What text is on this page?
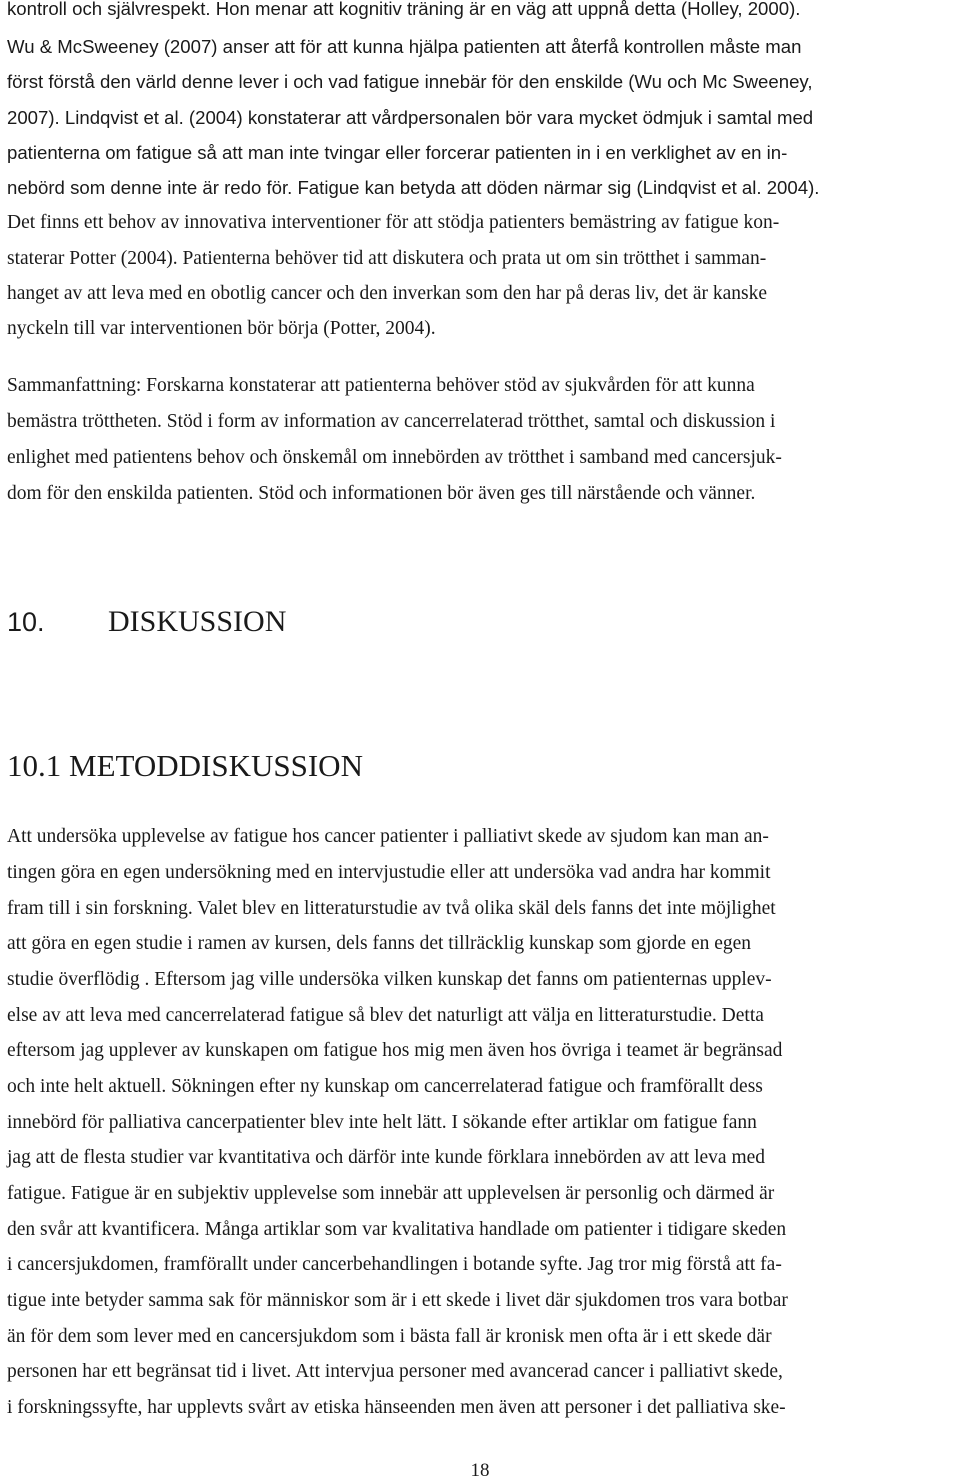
kontroll och självrespekt. Hon menar att kognitiv träning är en väg att uppnå detta (Holley, 2000).
Wu & McSweeney (2007) anser att för att kunna hjälpa patienten att återfå kontrollen måste man
först förstå den värld denne lever i och vad fatigue innebär för den enskilde (Wu och Mc Sweeney,
2007). Lindqvist et al. (2004) konstaterar att vårdpersonalen bör vara mycket ödmjuk i samtal med
patienterna om fatigue så att man inte tvingar eller forcerar patienten in i en verklighet av en in-
nebörd som denne inte är redo för. Fatigue kan betyda att döden närmar sig (Lindqvist et al. 2004).
Det finns ett behov av innovativa interventioner för att stödja patienters bemästring av fatigue kon-
staterar Potter (2004). Patienterna behöver tid att diskutera och prata ut om sin trötthet i samman-
hanget av att leva med en obotlig cancer och den inverkan som den har på deras liv, det är kanske
nyckeln till var interventionen bör börja (Potter, 2004).
Sammanfattning: Forskarna konstaterar att patienterna behöver stöd av sjukvården för att kunna
bemästra tröttheten. Stöd i form av information av cancerrelaterad trötthet, samtal och diskussion i
enlighet med patientens behov och önskemål om innebörden av trötthet i samband med cancersjuk-
dom för den enskilda patienten. Stöd och informationen bör även ges till närstående och vänner.
10. DISKUSSION
10.1 METODDISKUSSION
Att undersöka upplevelse av fatigue hos cancer patienter i palliativt skede av sjudom kan man an-
tingen göra en egen undersökning med en intervjustudie eller att undersöka vad andra har kommit
fram till i sin forskning. Valet blev en litteraturstudie av två olika skäl dels fanns det inte möjlighet
att göra en egen studie i ramen av kursen, dels fanns det tillräcklig kunskap som gjorde en egen
studie överflödig . Eftersom jag ville undersöka vilken kunskap det fanns om patienternas upplev-
else av att leva med cancerrelaterad fatigue så blev det naturligt att välja en litteraturstudie. Detta
eftersom jag upplever av kunskapen om fatigue hos mig men även hos övriga i teamet är begränsad
och inte helt aktuell. Sökningen efter ny kunskap om cancerrelaterad fatigue och framförallt dess
innebörd för palliativa cancerpatienter blev inte helt lätt. I sökande efter artiklar om fatigue fann
jag att de flesta studier var kvantitativa och därför inte kunde förklara innebörden av att leva med
fatigue. Fatigue är en subjektiv upplevelse som innebär att upplevelsen är personlig och därmed är
den svår att kvantificera. Många artiklar som var kvalitativa handlade om patienter i tidigare skeden
i cancersjukdomen, framförallt under cancerbehandlingen i botande syfte. Jag tror mig förstå att fa-
tigue inte betyder samma sak för människor som är i ett skede i livet där sjukdomen tros vara botbar
än för dem som lever med en cancersjukdom som i bästa fall är kronisk men ofta är i ett skede där
personen har ett begränsat tid i livet. Att intervjua personer med avancerad cancer i palliativt skede,
i forskningssyfte, har upplevts svårt av etiska hänseenden men även att personer i det palliativa ske-
18
